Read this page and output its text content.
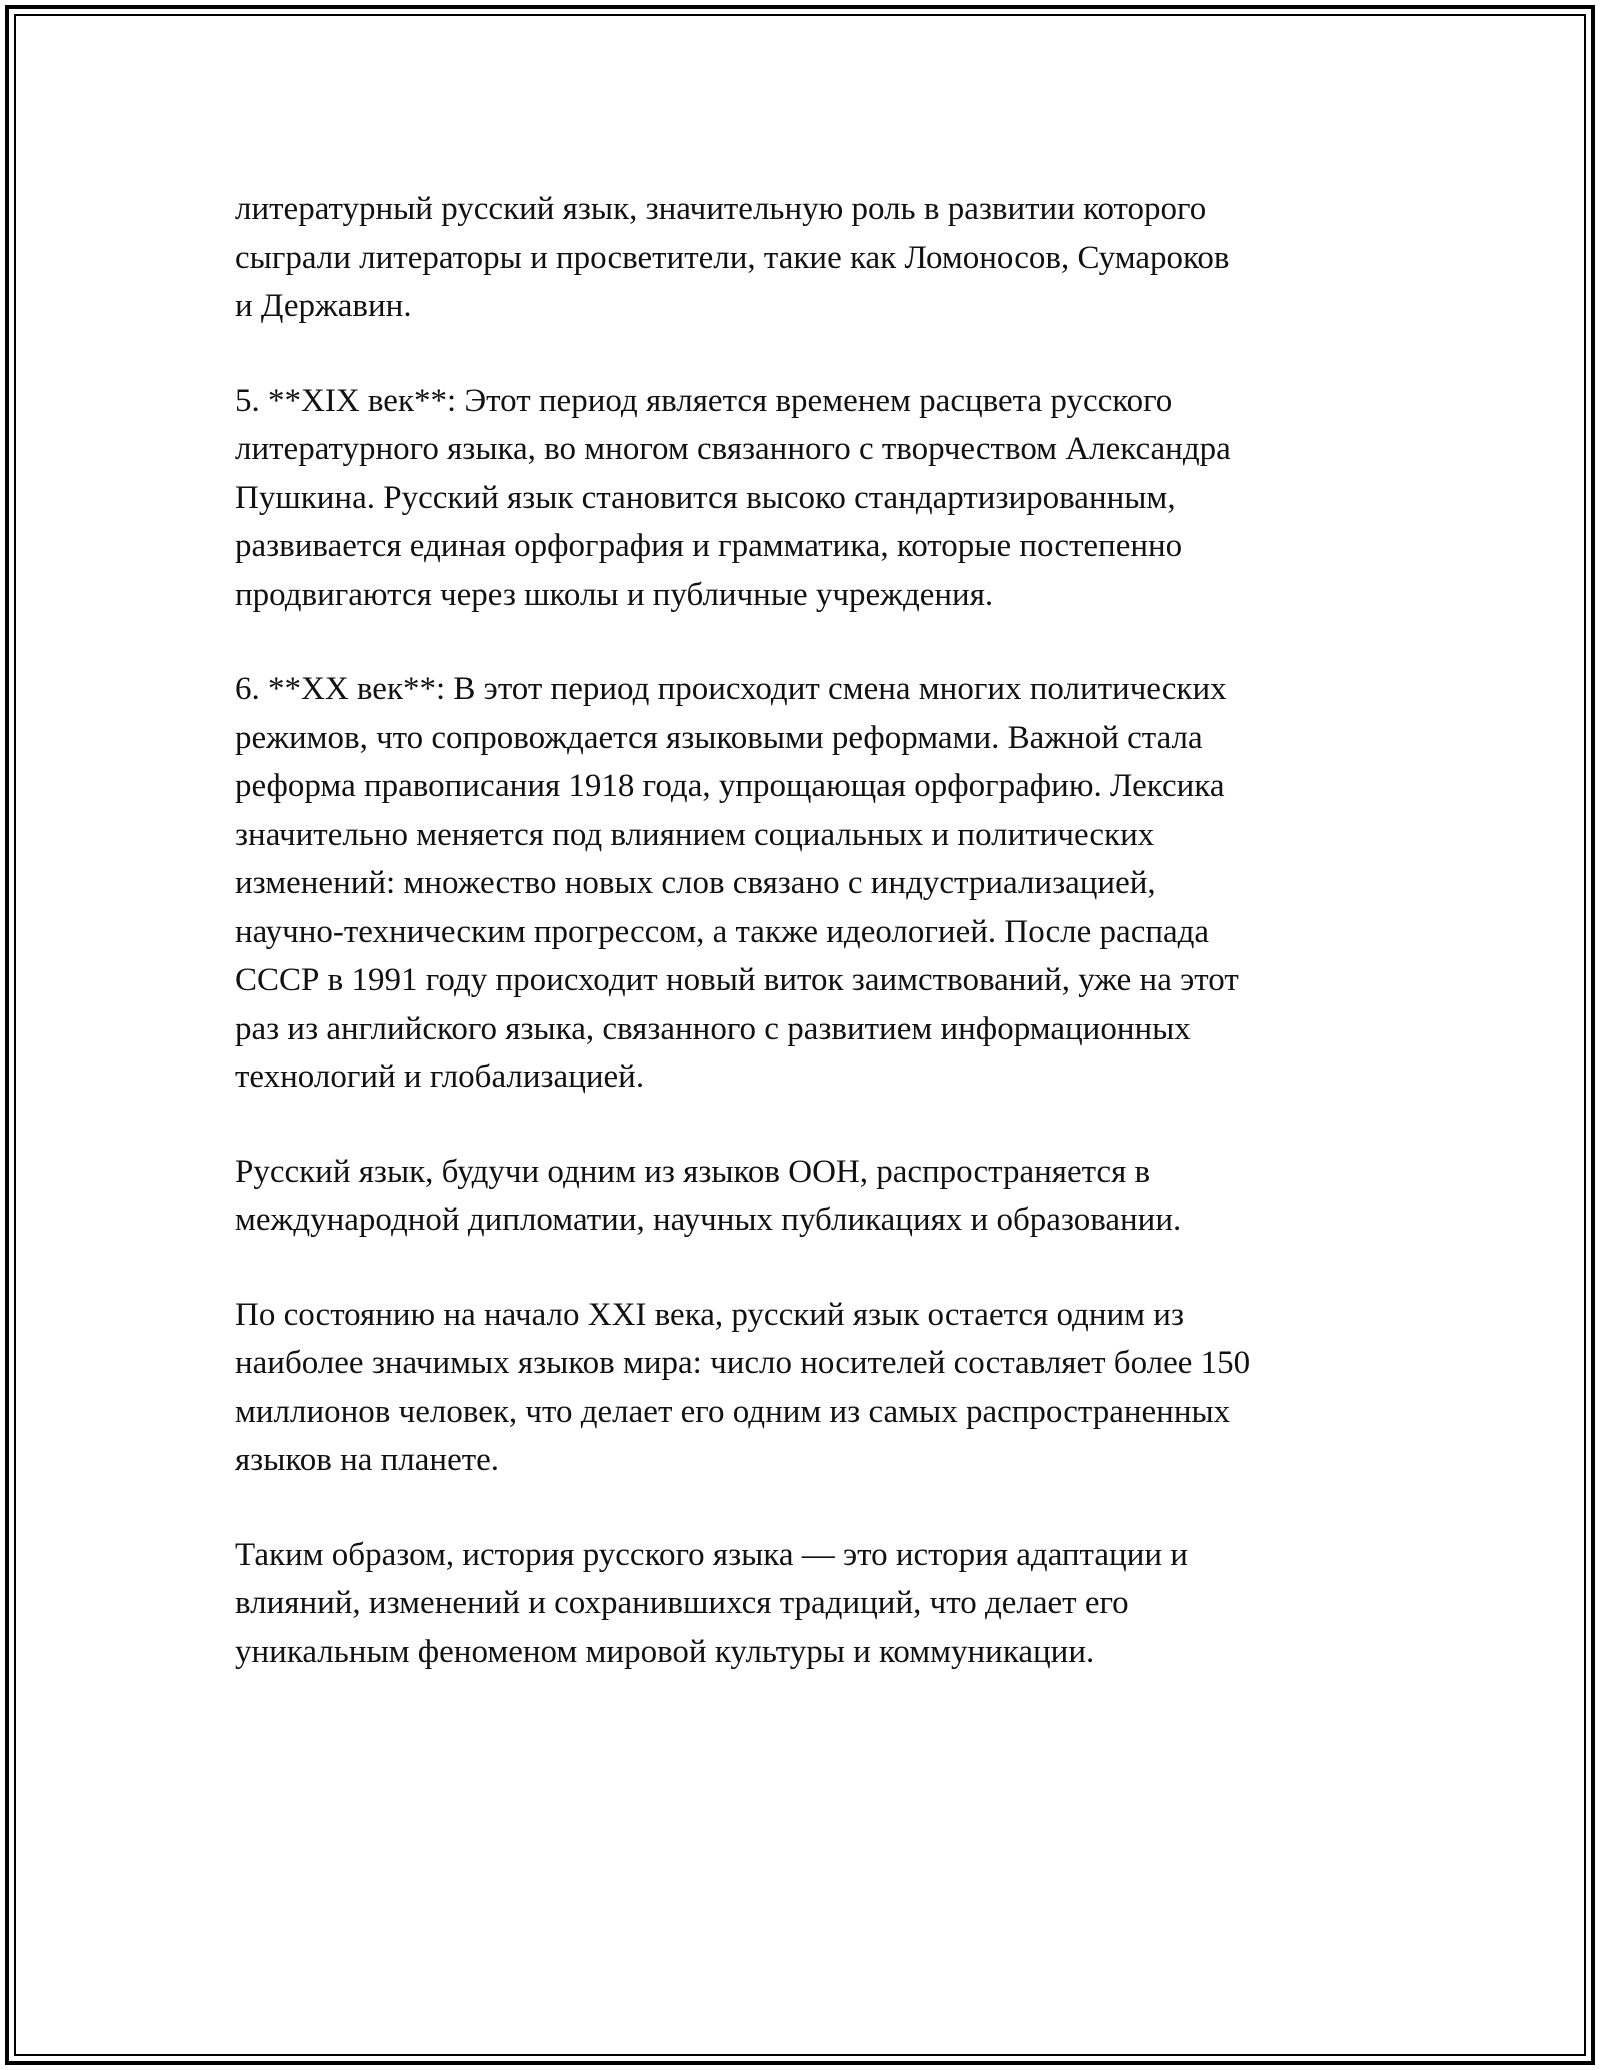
литературный русский язык, значительную роль в развитии которого
сыграли литераторы и просветители, такие как Ломоносов, Сумароков
и Державин.

5. **XIX век**: Этот период является временем расцвета русского
литературного языка, во многом связанного с творчеством Александра
Пушкина. Русский язык становится высоко стандартизированным,
развивается единая орфография и грамматика, которые постепенно
продвигаются через школы и публичные учреждения.

6. **XX век**: В этот период происходит смена многих политических
режимов, что сопровождается языковыми реформами. Важной стала
реформа правописания 1918 года, упрощающая орфографию. Лексика
значительно меняется под влиянием социальных и политических
изменений: множество новых слов связано с индустриализацией,
научно-техническим прогрессом, а также идеологией. После распада
СССР в 1991 году происходит новый виток заимствований, уже на этот
раз из английского языка, связанного с развитием информационных
технологий и глобализацией.

Русский язык, будучи одним из языков ООН, распространяется в
международной дипломатии, научных публикациях и образовании.

По состоянию на начало XXI века, русский язык остается одним из
наиболее значимых языков мира: число носителей составляет более 150
миллионов человек, что делает его одним из самых распространенных
языков на планете.

Таким образом, история русского языка — это история адаптации и
влияний, изменений и сохранившихся традиций, что делает его
уникальным феноменом мировой культуры и коммуникации.
